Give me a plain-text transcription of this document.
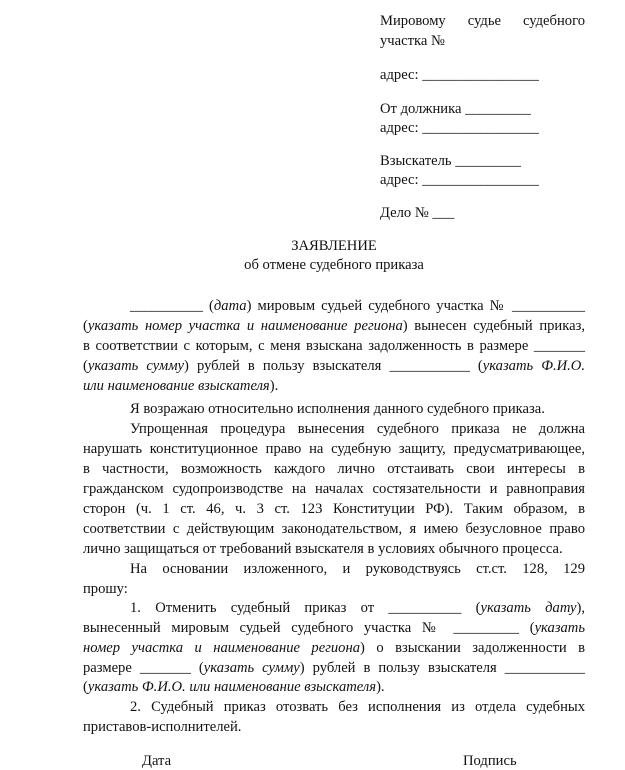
Мировому судье судебного
участка №
адрес: ________________
От должника _________
адрес: ________________
Взыскатель _________
адрес: ________________
Дело № ___
ЗАЯВЛЕНИЕ
об отмене судебного приказа
__________ (дата) мировым судьей судебного участка № __________
(указать номер участка и наименование региона) вынесен судебный приказ,
в соответствии с которым, с меня взыскана задолженность в размере _______
(указать сумму) рублей в пользу взыскателя ___________ (указать Ф.И.О.
или наименование взыскателя).
Я возражаю относительно исполнения данного судебного приказа.
Упрощенная процедура вынесения судебного приказа не должна
нарушать конституционное право на судебную защиту, предусматривающее,
в частности, возможность каждого лично отстаивать свои интересы в
гражданском судопроизводстве на началах состязательности и равноправия
сторон (ч. 1 ст. 46, ч. 3 ст. 123 Конституции РФ). Таким образом, в
соответствии с действующим законодательством, я имею безусловное право
лично защищаться от требований взыскателя в условиях обычного процесса.
На основании изложенного, и руководствуясь ст.ст. 128, 129
прошу:
1. Отменить судебный приказ от __________ (указать дату),
вынесенный мировым судьей судебного участка № _________ (указать
номер участка и наименование региона) о взыскании задолженности в
размере _______ (указать сумму) рублей в пользу взыскателя ___________
(указать Ф.И.О. или наименование взыскателя).
2. Судебный приказ отозвать без исполнения из отдела судебных
приставов-исполнителей.
Дата	Подпись
